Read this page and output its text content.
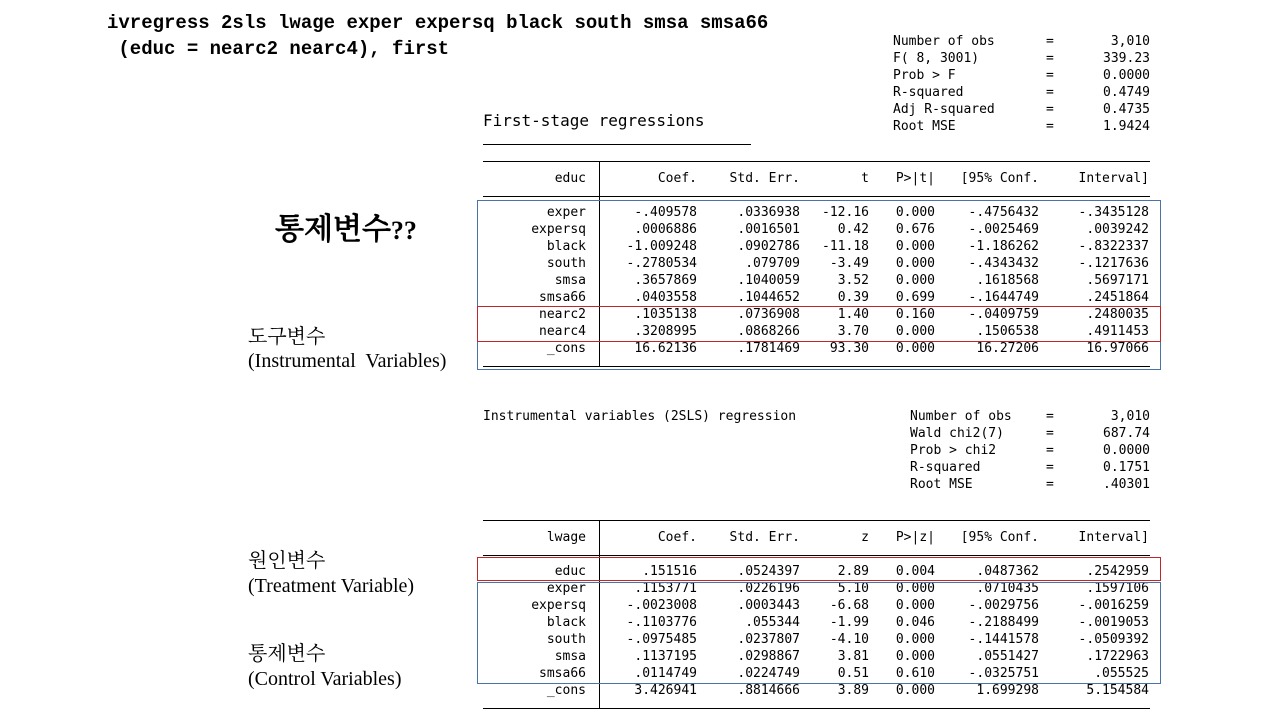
ivregress 2sls lwage exper expersq black south smsa smsa66
(educ = nearc2 nearc4), first	Number of obs	=	3,010
F( 8, 3001)	=	339.23
Prob > F	=	0.0000
R-squared	=	0.4749
Adj R-squared	=	0.4735
Root MSE	=	1.9424
First-stage regressions
educ	Coef.	Std. Err.	t	P>|t|	[95% Conf.	Interval]
exper	-.409578	.0336938	-12.16	0.000	-.4756432	-.3435128
expersq	.0006886	.0016501	0.42	0.676	-.0025469	.0039242
black	-1.009248	.0902786	-11.18	0.000	-1.186262	-.8322337
south	-.2780534	.079709	-3.49	0.000	-.4343432	-.1217636
smsa	.3657869	.1040059	3.52	0.000	.1618568	.5697171
smsa66	.0403558	.1044652	0.39	0.699	-.1644749	.2451864
nearc2	.1035138	.0736908	1.40	0.160	-.0409759	.2480035
nearc4	.3208995	.0868266	3.70	0.000	.1506538	.4911453
_cons	16.62136	.1781469	93.30	0.000	16.27206	16.97066
Instrumental variables (2SLS) regression	Number of obs	=	3,010
Wald chi2(7)	=	687.74
Prob > chi2	=	0.0000
R-squared	=	0.1751
Root MSE	=	.40301
lwage	Coef.	Std. Err.	z	P>|z|	[95% Conf.	Interval]
educ	.151516	.0524397	2.89	0.004	.0487362	.2542959
exper	.1153771	.0226196	5.10	0.000	.0710435	.1597106
expersq	-.0023008	.0003443	-6.68	0.000	-.0029756	-.0016259
black	-.1103776	.055344	-1.99	0.046	-.2188499	-.0019053
south	-.0975485	.0237807	-4.10	0.000	-.1441578	-.0509392
smsa	.1137195	.0298867	3.81	0.000	.0551427	.1722963
smsa66	.0114749	.0224749	0.51	0.610	-.0325751	.055525
_cons	3.426941	.8814666	3.89	0.000	1.699298	5.154584
통제변수??
도구변수
(Instrumental  Variables)
원인변수
(Treatment Variable)
통제변수
(Control Variables)
